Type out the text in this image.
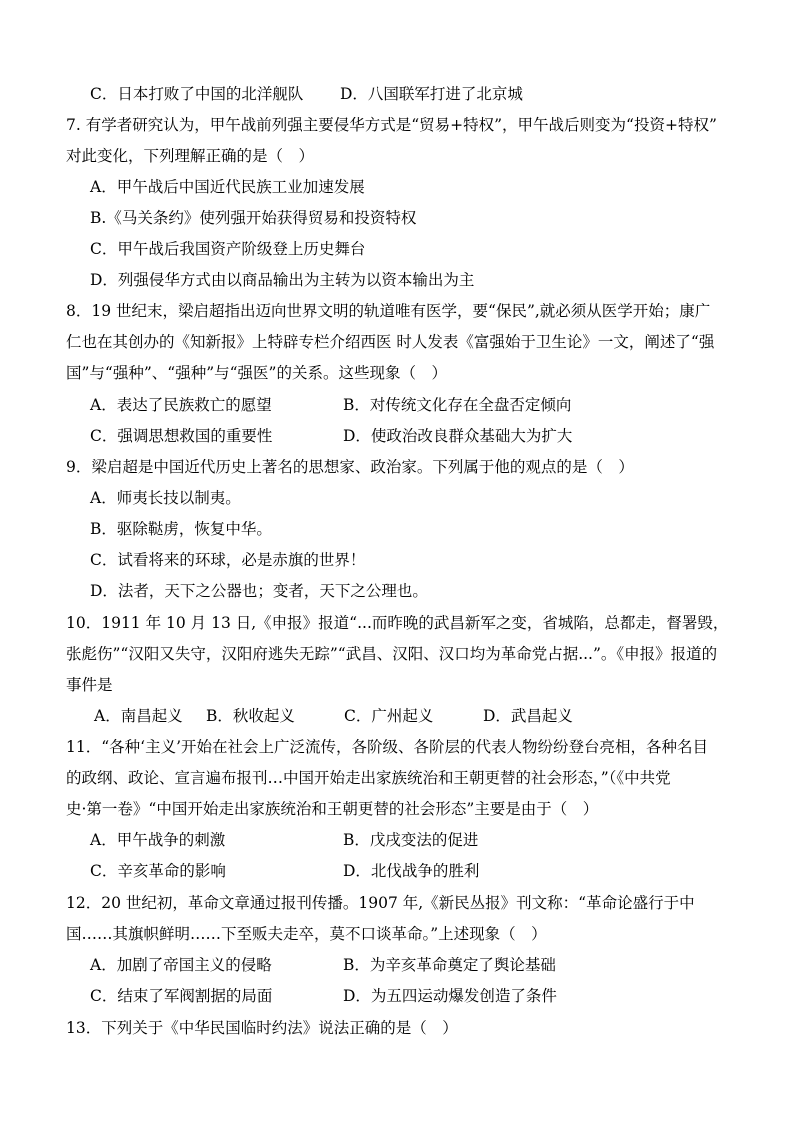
C．日本打败了中国的北洋舰队 D．八国联军打进了北京城
7. 有学者研究认为，甲午战前列强主要侵华方式是“贸易+特权”，甲午战后则变为“投资+特权”
对此变化，下列理解正确的是（　）
A．甲午战后中国近代民族工业加速发展
B.《马关条约》使列强开始获得贸易和投资特权
C．甲午战后我国资产阶级登上历史舞台
D．列强侵华方式由以商品输出为主转为以资本输出为主
8．19 世纪末，梁启超指出迈向世界文明的轨道唯有医学，要“保民”,就必须从医学开始；康广
仁也在其创办的《知新报》上特辟专栏介绍西医 时人发表《富强始于卫生论》一文，阐述了“强
国”与“强种”、“强种”与“强医”的关系。这些现象（　）
A．表达了民族救亡的愿望	B．对传统文化存在全盘否定倾向
C．强调思想救国的重要性	D．使政治改良群众基础大为扩大
9．梁启超是中国近代历史上著名的思想家、政治家。下列属于他的观点的是（　）
A．师夷长技以制夷。
B．驱除鞑虏，恢复中华。
C．试看将来的环球，必是赤旗的世界！
D．法者，天下之公器也；变者，天下之公理也。
10．1911 年 10 月 13 日,《申报》报道“...而昨晚的武昌新军之变，省城陷，总都走，督署毁，
张彪伤”“汉阳又失守，汉阳府逃失无踪”“武昌、汉阳、汉口均为革命党占据...”。《申报》报道的
事件是
A．南昌起义 B．秋收起义	C．广州起义	D．武昌起义
11．“各种‘主义’开始在社会上广泛流传，各阶级、各阶层的代表人物纷纷登台亮相，各种名目
的政纲、政论、宣言遍布报刊…中国开始走出家族统治和王朝更替的社会形态，”（《中共党
史·第一卷》“中国开始走出家族统治和王朝更替的社会形态”主要是由于（　）
A．甲午战争的刺激	B．戊戌变法的促进
C．辛亥革命的影响	D．北伐战争的胜利
12．20 世纪初，革命文章通过报刊传播。1907 年,《新民丛报》刊文称：“革命论盛行于中
国……其旗帜鲜明……下至贩夫走卒，莫不口谈革命。”上述现象（　）
A．加剧了帝国主义的侵略	B．为辛亥革命奠定了舆论基础
C．结束了军阀割据的局面	D．为五四运动爆发创造了条件
13．下列关于《中华民国临时约法》说法正确的是（　）
